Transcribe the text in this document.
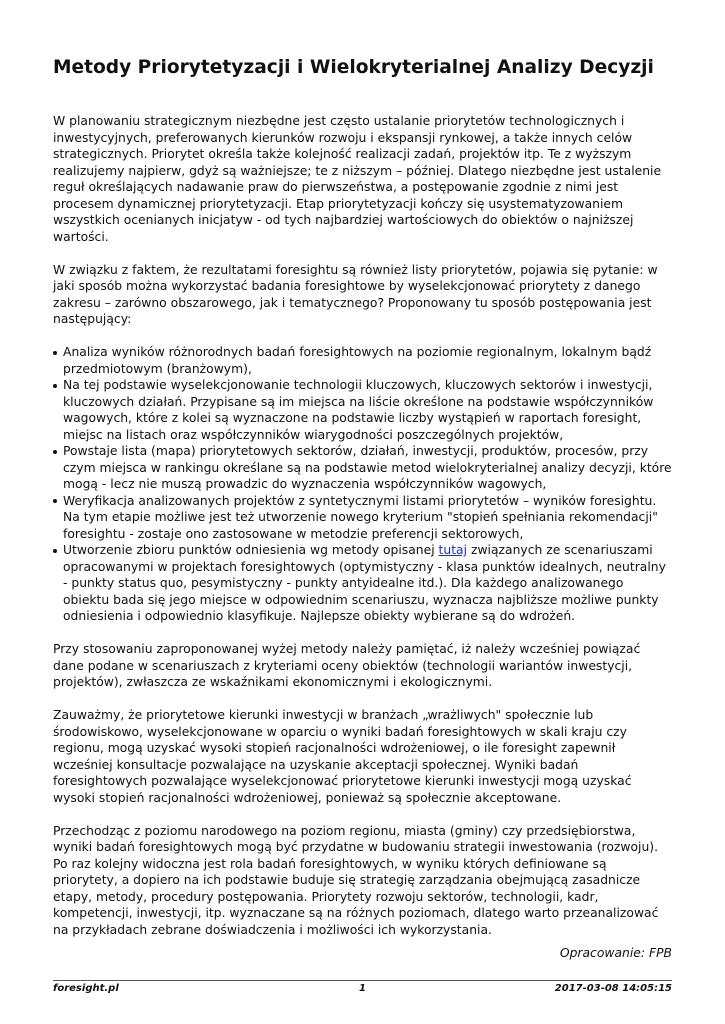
Metody Priorytetyzacji i Wielokryterialnej Analizy Decyzji

W planowaniu strategicznym niezbędne jest często ustalanie priorytetów technologicznych i inwestycyjnych, preferowanych kierunków rozwoju i ekspansji rynkowej, a także innych celów strategicznych. Priorytet określa także kolejność realizacji zadań, projektów itp. Te z wyższym realizujemy najpierw, gdyż są ważniejsze; te z niższym – później. Dlatego niezbędne jest ustalenie reguł określających nadawanie praw do pierwszeństwa, a postępowanie zgodnie z nimi jest procesem dynamicznej priorytetyzacji. Etap priorytetyzacji kończy się usystematyzowaniem wszystkich ocenianych inicjatyw - od tych najbardziej wartościowych do obiektów o najniższej wartości.

W związku z faktem, że rezultatami foresightu są również listy priorytetów, pojawia się pytanie: w jaki sposób można wykorzystać badania foresightowe by wyselekcjonować priorytety z danego zakresu – zarówno obszarowego, jak i tematycznego? Proponowany tu sposób postępowania jest następujący:

Analiza wyników różnorodnych badań foresightowych na poziomie regionalnym, lokalnym bądź przedmiotowym (branżowym),
Na tej podstawie wyselekcjonowanie technologii kluczowych, kluczowych sektorów i inwestycji, kluczowych działań. Przypisane są im miejsca na liście określone na podstawie współczynników wagowych, które z kolei są wyznaczone na podstawie liczby wystąpień w raportach foresight, miejsc na listach oraz współczynników wiarygodności poszczególnych projektów,
Powstaje lista (mapa) priorytetowych sektorów, działań, inwestycji, produktów, procesów, przy czym miejsca w rankingu określane są na podstawie metod wielokryterialnej analizy decyzji, które mogą - lecz nie muszą prowadzic do wyznaczenia współczynników wagowych,
Weryfikacja analizowanych projektów z syntetycznymi listami priorytetów – wyników foresightu. Na tym etapie możliwe jest też utworzenie nowego kryterium "stopień spełniania rekomendacji" foresightu - zostaje ono zastosowane w metodzie preferencji sektorowych,
Utworzenie zbioru punktów odniesienia wg metody opisanej tutaj związanych ze scenariuszami opracowanymi w projektach foresightowych (optymistyczny - klasa punktów idealnych, neutralny - punkty status quo, pesymistyczny - punkty antyidealne itd.). Dla każdego analizowanego obiektu bada się jego miejsce w odpowiednim scenariuszu, wyznacza najbliższe możliwe punkty odniesienia i odpowiednio klasyfikuje. Najlepsze obiekty wybierane są do wdrożeń.

Przy stosowaniu zaproponowanej wyżej metody należy pamiętać, iż należy wcześniej powiązać dane podane w scenariuszach z kryteriami oceny obiektów (technologii wariantów inwestycji, projektów), zwłaszcza ze wskaźnikami ekonomicznymi i ekologicznymi.

Zauważmy, że priorytetowe kierunki inwestycji w branżach „wrażliwych" społecznie lub środowiskowo, wyselekcjonowane w oparciu o wyniki badań foresightowych w skali kraju czy regionu, mogą uzyskać wysoki stopień racjonalności wdrożeniowej, o ile foresight zapewnił wcześniej konsultacje pozwalające na uzyskanie akceptacji społecznej. Wyniki badań foresightowych pozwalające wyselekcjonować priorytetowe kierunki inwestycji mogą uzyskać wysoki stopień racjonalności wdrożeniowej, ponieważ są społecznie akceptowane.

Przechodząc z poziomu narodowego na poziom regionu, miasta (gminy) czy przedsiębiorstwa, wyniki badań foresightowych mogą być przydatne w budowaniu strategii inwestowania (rozwoju). Po raz kolejny widoczna jest rola badań foresightowych, w wyniku których definiowane są priorytety, a dopiero na ich podstawie buduje się strategię zarządzania obejmującą zasadnicze etapy, metody, procedury postępowania. Priorytety rozwoju sektorów, technologii, kadr, kompetencji, inwestycji, itp. wyznaczane są na różnych poziomach, dlatego warto przeanalizować na przykładach zebrane doświadczenia i możliwości ich wykorzystania.

Opracowanie: FPB
foresight.pl	1	2017-03-08 14:05:15
